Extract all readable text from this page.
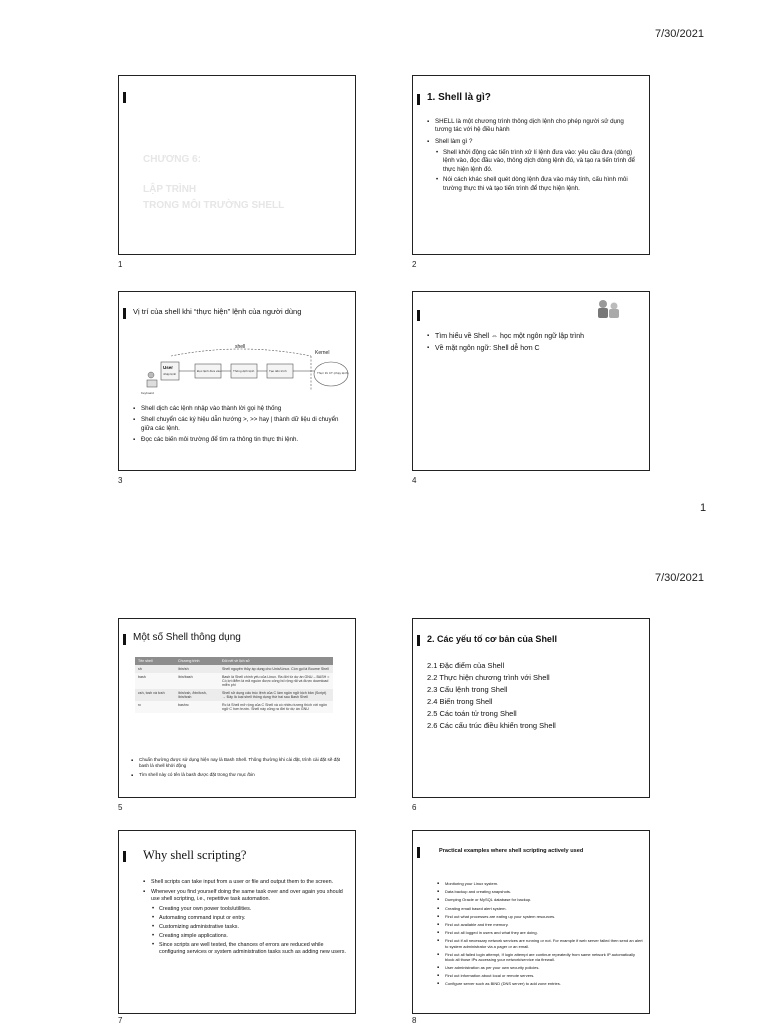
7/30/2021
CHƯƠNG 6:
LẬP TRÌNH
TRONG MÔI TRƯỜNG SHELL
1
1. Shell là gì?
▪ SHELL là một chương trình thông dịch lệnh cho phép người sử dụng tương tác với hệ điều hành
▪ Shell làm gì ?
• Shell khởi động các tiến trình xử lí lệnh đưa vào: yêu cầu đưa (dòng) lệnh vào, đọc đầu vào, thông dịch dòng lệnh đó, và tạo ra tiến trình để thực hiện lệnh đó.
• Nói cách khác shell quét dòng lệnh đưa vào máy tính, cấu hình môi trường thực thi và tạo tiến trình để thực hiện lệnh.
2
Vị trí của shell khi “thực hiện” lệnh của người dùng
shell
Kernel
User
nhập lệnh
Đọc lệnh đưa vào	Thông dịch lệnh	Tạo tiến trình	Thực thi CT (chạy lệnh)
Keyboard
▪ Shell dịch các lệnh nhập vào thành lời gọi hệ thống
▪ Shell chuyển các ký hiệu dẫn hướng >, >> hay | thành dữ liệu di chuyển giữa các lệnh.
▪ Đọc các biến môi trường để tìm ra thông tin thực thi lệnh.
3
▪ Tìm hiểu về Shell ⇔ học một ngôn ngữ lập trình
▪ Về mặt ngôn ngữ: Shell dễ hơn C
4
1
7/30/2021
Một số Shell thông dụng
Tên shell	Chương trình	Đôi nét về lịch sử
sh	/bin/sh	Shell nguyên thủy áp dụng cho Unix/Linux. Còn gọi là Bourne Shell
bash	/bin/bash	Bash là Shell chính yếu của Linux. Ra đời từ dự án GNU – BASH = Có lợi điểm là mã nguồn được công bố rộng rãi và được download miễn phí
csh, tcsh và tcsh	/bin/csh, /bin/tcsh, /bin/tcsh	Shell sử dụng cấu trúc lệnh của C làm ngôn ngữ kịch bản (Script) → Đây là loại shell thông dụng thứ hai sau Bash Shell
rc	bashrc	Rc là Shell mở rộng của C Shell và có nhiều tương thích với ngôn ngữ C hơn trước. Shell này cũng ra đời từ dự án GNU
▪ Chuẩn thường được sử dụng hiện nay là Bash Shell. Thông thường khi cài đặt, trình cài đặt sẽ đặt bash là shell khởi động
▪ Tìm shell này có tên là bash được đặt trong thư mục /bin
5
2. Các yếu tố cơ bản của Shell
2.1 Đặc điểm của Shell
2.2 Thực hiện chương trình với Shell
2.3 Cấu lệnh trong Shell
2.4 Biến trong Shell
2.5 Các toán tử trong Shell
2.6 Các cấu trúc điều khiển trong Shell
6
Why shell scripting?
▪ Shell scripts can take input from a user or file and output them to the screen.
▪ Whenever you find yourself doing the same task over and over again you should use shell scripting, i.e., repetitive task automation.
• Creating your own power tools/utilities.
• Automating command input or entry.
• Customizing administrative tasks.
• Creating simple applications.
• Since scripts are well tested, the chances of errors are reduced while configuring services or system administration tasks such as adding new users.
7
Practical examples where shell scripting actively used
▪ Monitoring your Linux system.
▪ Data backup and creating snapshots.
▪ Dumping Oracle or MySQL database for backup.
▪ Creating email based alert system.
▪ Find out what processes are eating up your system resources.
▪ Find out available and free memory.
▪ Find out all logged in users and what they are doing.
▪ Find out if all necessary network services are running or not. For example if web server failed then send an alert to system administrator via a pager or an email.
▪ Find out all failed login attempt, If login attempt are continue repeatedly from same network IP automatically block all those IPs accessing your network/service via firewall.
▪ User administration as per your own security policies.
▪ Find out information about local or remote servers.
▪ Configure server such as BIND (DNS server) to add zone entries.
8
